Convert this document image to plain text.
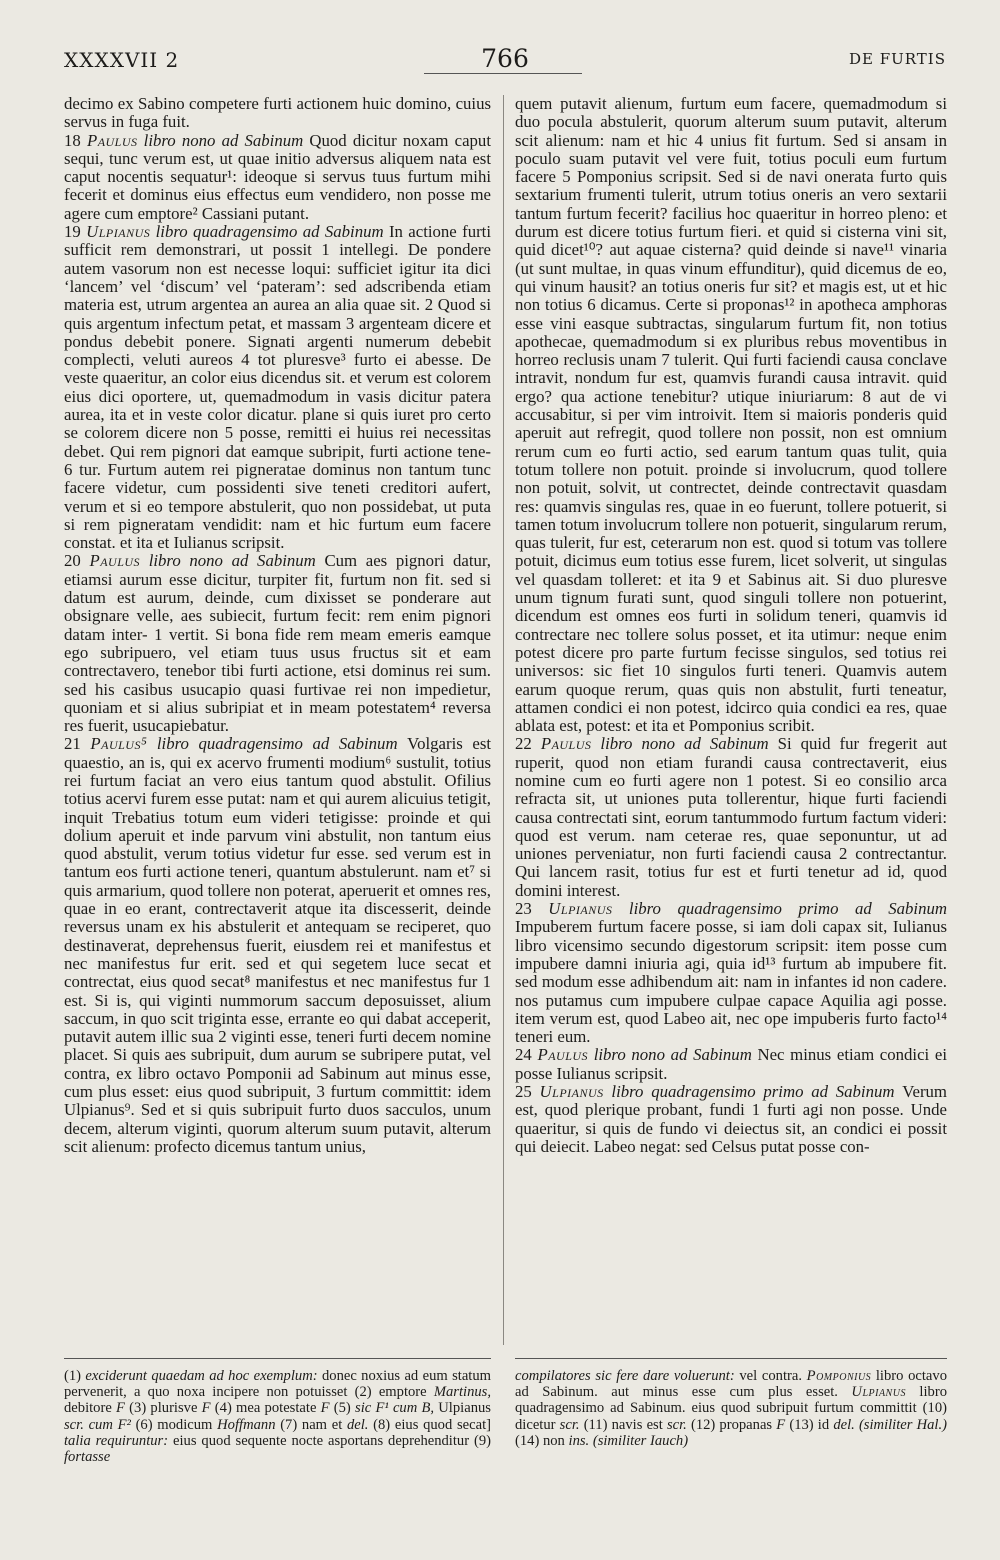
XXXXVII 2	766	DE FURTIS

decimo ex Sabino competere furti actionem huic domino, cuius servus in fuga fuit.
18 Paulus libro nono ad Sabinum Quod dicitur noxam caput sequi, tunc verum est, ut quae initio adversus aliquem nata est caput nocentis sequatur¹: ideoque si servus tuus furtum mihi fecerit et dominus eius effectus eum vendidero, non posse me agere cum emptore² Cassiani putant.
19 Ulpianus libro quadragensimo ad Sabinum In actione furti sufficit rem demonstrari, ut possit 1 intellegi. De pondere autem vasorum non est necesse loqui: sufficiet igitur ita dici ‘lancem’ vel ‘discum’ vel ‘pateram’: sed adscribenda etiam materia est, utrum argentea an aurea an alia quae sit. 2 Quod si quis argentum infectum petat, et massam 3 argenteam dicere et pondus debebit ponere. Signati argenti numerum debebit complecti, veluti aureos 4 tot pluresve³ furto ei abesse. De veste quaeritur, an color eius dicendus sit. et verum est colorem eius dici oportere, ut, quemadmodum in vasis dicitur patera aurea, ita et in veste color dicatur. plane si quis iuret pro certo se colorem dicere non 5 posse, remitti ei huius rei necessitas debet. Qui rem pignori dat eamque subripit, furti actione tene- 6 tur. Furtum autem rei pigneratae dominus non tantum tunc facere videtur, cum possidenti sive teneti creditori aufert, verum et si eo tempore abstulerit, quo non possidebat, ut puta si rem pigneratam vendidit: nam et hic furtum eum facere constat. et ita et Iulianus scripsit.
20 Paulus libro nono ad Sabinum Cum aes pignori datur, etiamsi aurum esse dicitur, turpiter fit, furtum non fit. sed si datum est aurum, deinde, cum dixisset se ponderare aut obsignare velle, aes subiecit, furtum fecit: rem enim pignori datam inter- 1 vertit. Si bona fide rem meam emeris eamque ego subripuero, vel etiam tuus usus fructus sit et eam contrectavero, tenebor tibi furti actione, etsi dominus rei sum. sed his casibus usucapio quasi furtivae rei non impedietur, quoniam et si alius subripiat et in meam potestatem⁴ reversa res fuerit, usucapiebatur.
21 Paulus⁵ libro quadragensimo ad Sabinum Volgaris est quaestio, an is, qui ex acervo frumenti modium⁶ sustulit, totius rei furtum faciat an vero eius tantum quod abstulit. Ofilius totius acervi furem esse putat: nam et qui aurem alicuius tetigit, inquit Trebatius totum eum videri tetigisse: proinde et qui dolium aperuit et inde parvum vini abstulit, non tantum eius quod abstulit, verum totius videtur fur esse. sed verum est in tantum eos furti actione teneri, quantum abstulerunt. nam et⁷ si quis armarium, quod tollere non poterat, aperuerit et omnes res, quae in eo erant, contrectaverit atque ita discesserit, deinde reversus unam ex his abstulerit et antequam se reciperet, quo destinaverat, deprehensus fuerit, eiusdem rei et manifestus et nec manifestus fur erit. sed et qui segetem luce secat et contrectat, eius quod secat⁸ manifestus et nec manifestus fur 1 est. Si is, qui viginti nummorum saccum deposuisset, alium saccum, in quo scit triginta esse, errante eo qui dabat acceperit, putavit autem illic sua 2 viginti esse, teneri furti decem nomine placet. Si quis aes subripuit, dum aurum se subripere putat, vel contra, ex libro octavo Pomponii ad Sabinum aut minus esse, cum plus esset: eius quod subripuit, 3 furtum committit: idem Ulpianus⁹. Sed et si quis subripuit furto duos sacculos, unum decem, alterum viginti, quorum alterum suum putavit, alterum scit alienum: profecto dicemus tantum unius,

quem putavit alienum, furtum eum facere, quemadmodum si duo pocula abstulerit, quorum alterum suum putavit, alterum scit alienum: nam et hic 4 unius fit furtum. Sed si ansam in poculo suam putavit vel vere fuit, totius poculi eum furtum facere 5 Pomponius scripsit. Sed si de navi onerata furto quis sextarium frumenti tulerit, utrum totius oneris an vero sextarii tantum furtum fecerit? facilius hoc quaeritur in horreo pleno: et durum est dicere totius furtum fieri. et quid si cisterna vini sit, quid dicet¹⁰? aut aquae cisterna? quid deinde si nave¹¹ vinaria (ut sunt multae, in quas vinum effunditur), quid dicemus de eo, qui vinum hausit? an totius oneris fur sit? et magis est, ut et hic non totius 6 dicamus. Certe si proponas¹² in apotheca amphoras esse vini easque subtractas, singularum furtum fit, non totius apothecae, quemadmodum si ex pluribus rebus moventibus in horreo reclusis unam 7 tulerit. Qui furti faciendi causa conclave intravit, nondum fur est, quamvis furandi causa intravit. quid ergo? qua actione tenebitur? utique iniuriarum: 8 aut de vi accusabitur, si per vim introivit. Item si maioris ponderis quid aperuit aut refregit, quod tollere non possit, non est omnium rerum cum eo furti actio, sed earum tantum quas tulit, quia totum tollere non potuit. proinde si involucrum, quod tollere non potuit, solvit, ut contrectet, deinde contrectavit quasdam res: quamvis singulas res, quae in eo fuerunt, tollere potuerit, si tamen totum involucrum tollere non potuerit, singularum rerum, quas tulerit, fur est, ceterarum non est. quod si totum vas tollere potuit, dicimus eum totius esse furem, licet solverit, ut singulas vel quasdam tolleret: et ita 9 et Sabinus ait. Si duo pluresve unum tignum furati sunt, quod singuli tollere non potuerint, dicendum est omnes eos furti in solidum teneri, quamvis id contrectare nec tollere solus posset, et ita utimur: neque enim potest dicere pro parte furtum fecisse singulos, sed totius rei universos: sic fiet 10 singulos furti teneri. Quamvis autem earum quoque rerum, quas quis non abstulit, furti teneatur, attamen condici ei non potest, idcirco quia condici ea res, quae ablata est, potest: et ita et Pomponius scribit.
22 Paulus libro nono ad Sabinum Si quid fur fregerit aut ruperit, quod non etiam furandi causa contrectaverit, eius nomine cum eo furti agere non 1 potest. Si eo consilio arca refracta sit, ut uniones puta tollerentur, hique furti faciendi causa contrectati sint, eorum tantummodo furtum factum videri: quod est verum. nam ceterae res, quae seponuntur, ut ad uniones perveniatur, non furti faciendi causa 2 contrectantur. Qui lancem rasit, totius fur est et furti tenetur ad id, quod domini interest.
23 Ulpianus libro quadragensimo primo ad Sabinum Impuberem furtum facere posse, si iam doli capax sit, Iulianus libro vicensimo secundo digestorum scripsit: item posse cum impubere damni iniuria agi, quia id¹³ furtum ab impubere fit. sed modum esse adhibendum ait: nam in infantes id non cadere. nos putamus cum impubere culpae capace Aquilia agi posse. item verum est, quod Labeo ait, nec ope impuberis furto facto¹⁴ teneri eum.
24 Paulus libro nono ad Sabinum Nec minus etiam condici ei posse Iulianus scripsit.
25 Ulpianus libro quadragensimo primo ad Sabinum Verum est, quod plerique probant, fundi 1 furti agi non posse. Unde quaeritur, si quis de fundo vi deiectus sit, an condici ei possit qui deiecit. Labeo negat: sed Celsus putat posse con-

(1) exciderunt quaedam ad hoc exemplum: donec noxius ad eum statum pervenerit, a quo noxa incipere non potuisset (2) emptore Martinus, debitore F (3) plurisve F (4) mea potestate F (5) sic F¹ cum B, Ulpianus scr. cum F² (6) modicum Hoffmann (7) nam et del. (8) eius quod secat] talia requiruntur: eius quod sequente nocte asportans deprehenditur (9) fortasse

compilatores sic fere dare voluerunt: vel contra. Pomponius libro octavo ad Sabinum. aut minus esse cum plus esset. Ulpianus libro quadragensimo ad Sabinum. eius quod subripuit furtum committit (10) dicetur scr. (11) navis est scr. (12) propanas F (13) id del. (similiter Hal.) (14) non ins. (similiter Iauch)
